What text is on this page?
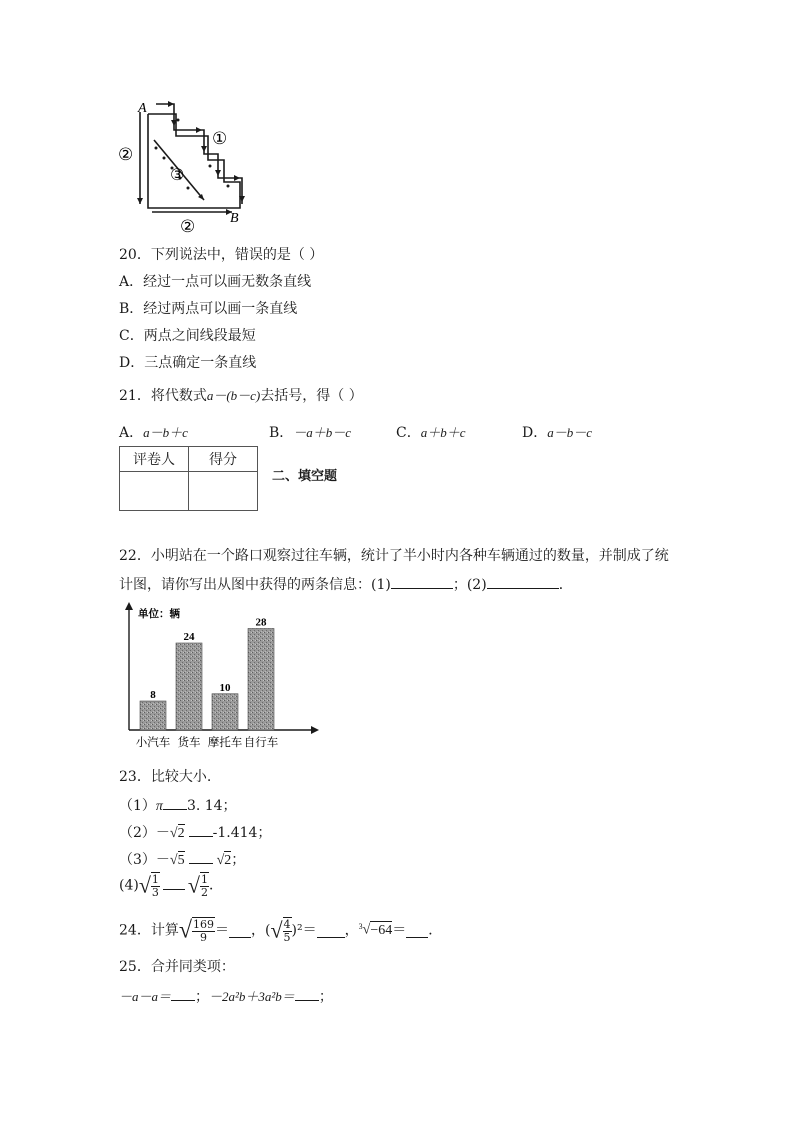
A
B
①
②
③
②
20．下列说法中，错误的是（ ）
A．经过一点可以画无数条直线
B．经过两点可以画一条直线
C．两点之间线段最短
D．三点确定一条直线
21．将代数式a－(b－c)去括号，得（ ）
A．a－b＋c	B．－a＋b－c	C．a＋b＋c	D．a－b－c
评卷人	得分

二、填空题
22．小明站在一个路口观察过往车辆，统计了半小时内各种车辆通过的数量，并制成了统
计图，请你写出从图中获得的两条信息：(1)	；(2)	．
单位：辆
8
小汽车
24
货车
10
摩托车
28
自行车
23．比较大小.
（1）π 3. 14；
（2）－√2 -1.414；
（3）－√5 √2；
$(4)√ \frac{1}{3}$ √ $\frac{1}{2}$ ．
24．计算√ $\frac{169}{9}$ ＝ ，(√ $\frac{4}{5} )^2=$ ，$^3$√−64＝ ．
25．合并同类项：
－a－a＝ ；－2a²b＋3a²b＝ ；
